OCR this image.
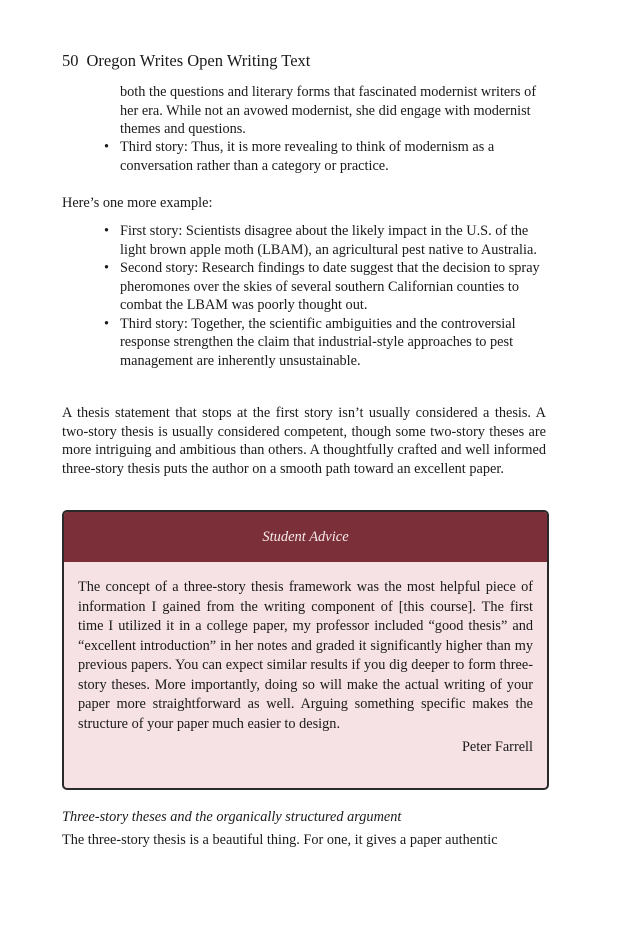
50 Oregon Writes Open Writing Text
both the questions and literary forms that fascinated modernist writers of her era. While not an avowed modernist, she did engage with modernist themes and questions.
• Third story: Thus, it is more revealing to think of modernism as a conversation rather than a category or practice.
Here’s one more example:
• First story: Scientists disagree about the likely impact in the U.S. of the light brown apple moth (LBAM), an agricultural pest native to Australia.
• Second story: Research findings to date suggest that the decision to spray pheromones over the skies of several southern Californian counties to combat the LBAM was poorly thought out.
• Third story: Together, the scientific ambiguities and the controversial response strengthen the claim that industrial-style approaches to pest management are inherently unsustainable.
A thesis statement that stops at the first story isn’t usually considered a thesis. A two-story thesis is usually considered competent, though some two-story theses are more intriguing and ambitious than others. A thoughtfully crafted and well informed three-story thesis puts the author on a smooth path toward an excellent paper.
Student Advice
The concept of a three-story thesis framework was the most helpful piece of information I gained from the writing component of [this course]. The first time I utilized it in a college paper, my professor included “good thesis” and “excellent introduction” in her notes and graded it significantly higher than my previous papers. You can expect similar results if you dig deeper to form three-story theses. More importantly, doing so will make the actual writing of your paper more straightforward as well. Arguing something specific makes the structure of your paper much easier to design.
Peter Farrell
Three-story theses and the organically structured argument
The three-story thesis is a beautiful thing. For one, it gives a paper authentic
